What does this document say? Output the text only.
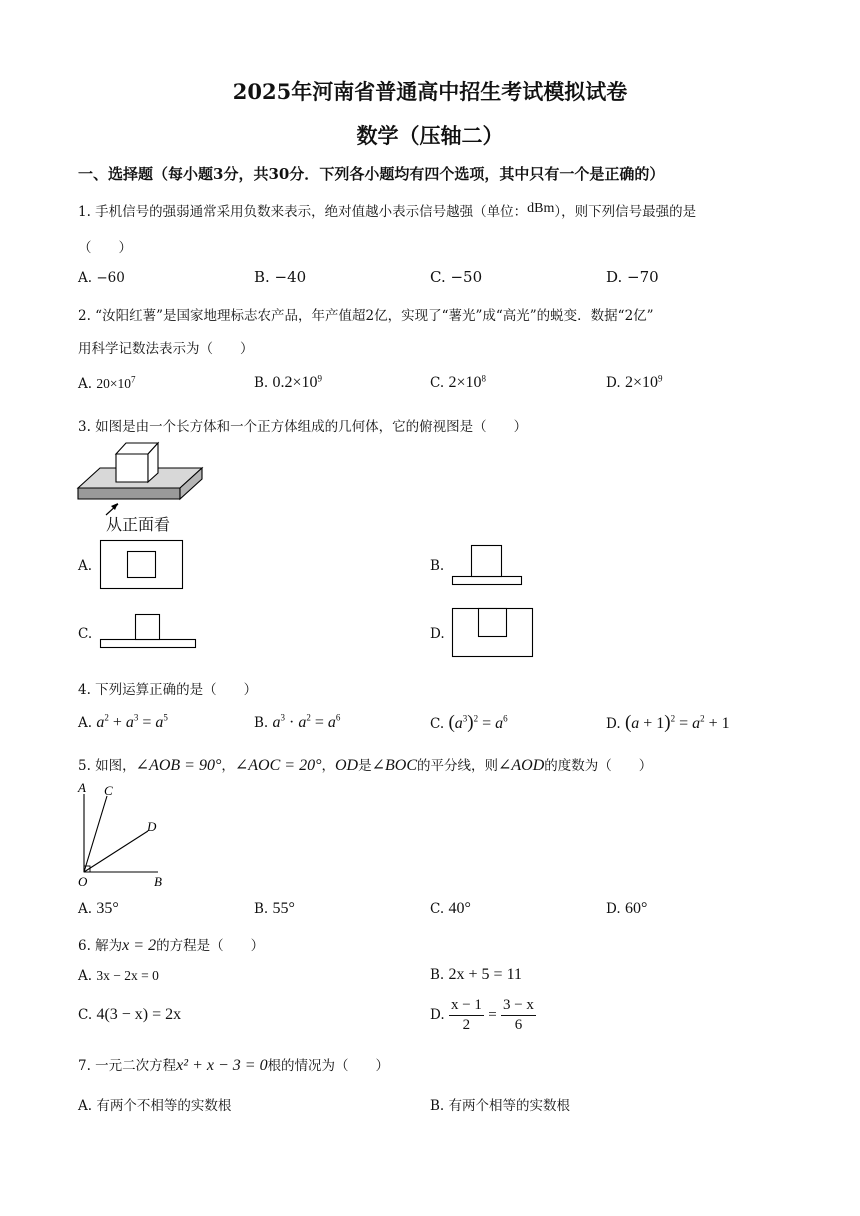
2025年河南省普通高中招生考试模拟试卷
数学（压轴二）
一、选择题（每小题3分，共30分．下列各小题均有四个选项，其中只有一个是正确的）
1. 手机信号的强弱通常采用负数来表示，绝对值越小表示信号越强（单位：dBm），则下列信号最强的是
（　　）
A. −60	B. −40	C. −50	D. −70
2. “汝阳红薯”是国家地理标志农产品，年产值超2亿，实现了“薯光”成“高光”的蜕变．数据“2亿”
用科学记数法表示为（　　）
A. $20\times 10^7$	B. $0.2\times 10^9$	C. $2\times 10^8$	D. $2\times 10^9$
3. 如图是由一个长方体和一个正方体组成的几何体，它的俯视图是（　　）
从正面看
A.	B.
C.	D.
4. 下列运算正确的是（　　）
A. $a^2 + a^3 = a^5$	B. $a^3 \cdot a^2 = a^6$	C. $(a^3)^2 = a^6$	D. $(a + 1)^2 = a^2 + 1$
5. 如图，∠AOB = 90°，∠AOC = 20°，OD是∠BOC的平分线，则∠AOD的度数为（　　）
A C
D
O	B
A. 35°	B. 55°	C. 40°	D. 60°
6. 解为x = 2的方程是（　　）
A. 3x − 2x = 0	B. 2x + 5 = 11
C. 4(3 − x) = 2x	D. $\frac{x - 1}{2} = \frac{3 - x}{6}$
7. 一元二次方程x² + x − 3 = 0根的情况为（　　）
A. 有两个不相等的实数根	B. 有两个相等的实数根
